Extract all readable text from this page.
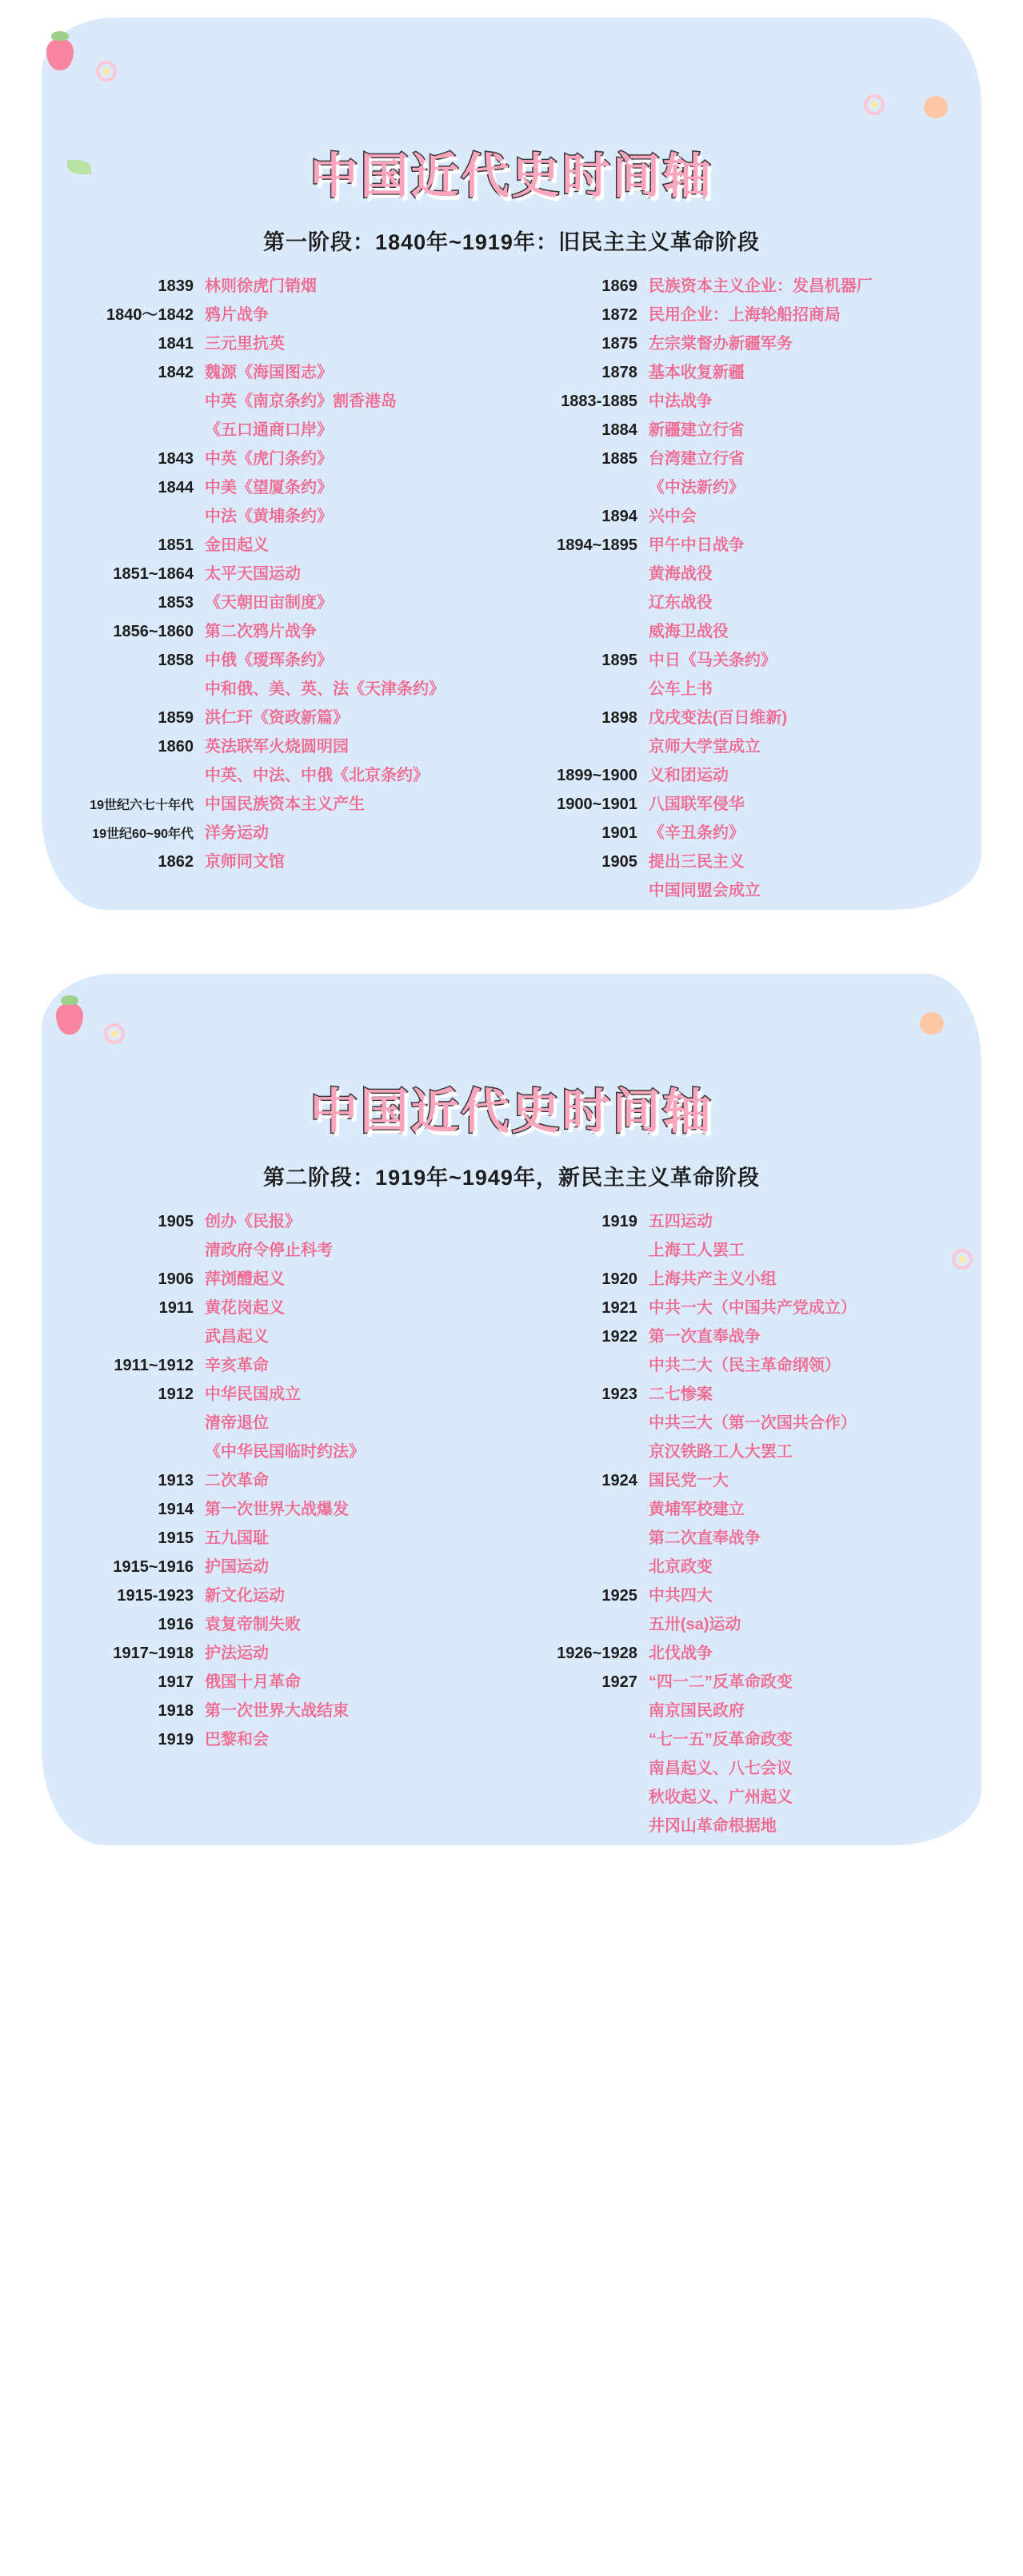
中国近代史时间轴
第一阶段：1840年~1919年：旧民主主义革命阶段
1839 林则徐虎门销烟
1840～1842 鸦片战争
1841 三元里抗英
1842 魏源《海国图志》
中英《南京条约》割香港岛
《五口通商口岸》
1843 中英《虎门条约》
1844 中美《望厦条约》
中法《黄埔条约》
1851 金田起义
1851~1864 太平天国运动
1853 《天朝田亩制度》
1856~1860 第二次鸦片战争
1858 中俄《瑷珲条约》
中和俄、美、英、法《天津条约》
1859 洪仁玕《资政新篇》
1860 英法联军火烧圆明园
中英、中法、中俄《北京条约》
19世纪六七十年代 中国民族资本主义产生
19世纪60~90年代 洋务运动
1862 京师同文馆
1869 民族资本主义企业：发昌机器厂
1872 民用企业：上海轮船招商局
1875 左宗棠督办新疆军务
1878 基本收复新疆
1883-1885 中法战争
1884 新疆建立行省
1885 台湾建立行省
《中法新约》
1894 兴中会
1894~1895 甲午中日战争
黄海战役
辽东战役
威海卫战役
1895 中日《马关条约》
公车上书
1898 戊戌变法(百日维新)
京师大学堂成立
1899~1900 义和团运动
1900~1901 八国联军侵华
1901 《辛丑条约》
1905 提出三民主义
中国同盟会成立
中国近代史时间轴
第二阶段：1919年~1949年，新民主主义革命阶段
1905 创办《民报》
清政府令停止科考
1906 萍浏醴起义
1911 黄花岗起义
武昌起义
1911~1912 辛亥革命
1912 中华民国成立
清帝退位
《中华民国临时约法》
1913 二次革命
1914 第一次世界大战爆发
1915 五九国耻
1915~1916 护国运动
1915-1923 新文化运动
1916 袁复帝制失败
1917~1918 护法运动
1917 俄国十月革命
1918 第一次世界大战结束
1919 巴黎和会
1919 五四运动
上海工人罢工
1920 上海共产主义小组
1921 中共一大（中国共产党成立）
1922 第一次直奉战争
中共二大（民主革命纲领）
1923 二七惨案
中共三大（第一次国共合作）
京汉铁路工人大罢工
1924 国民党一大
黄埔军校建立
第二次直奉战争
北京政变
1925 中共四大
五卅(sa)运动
1926~1928 北伐战争
1927 “四一二”反革命政变
南京国民政府
“七一五”反革命政变
南昌起义、八七会议
秋收起义、广州起义
井冈山革命根据地
